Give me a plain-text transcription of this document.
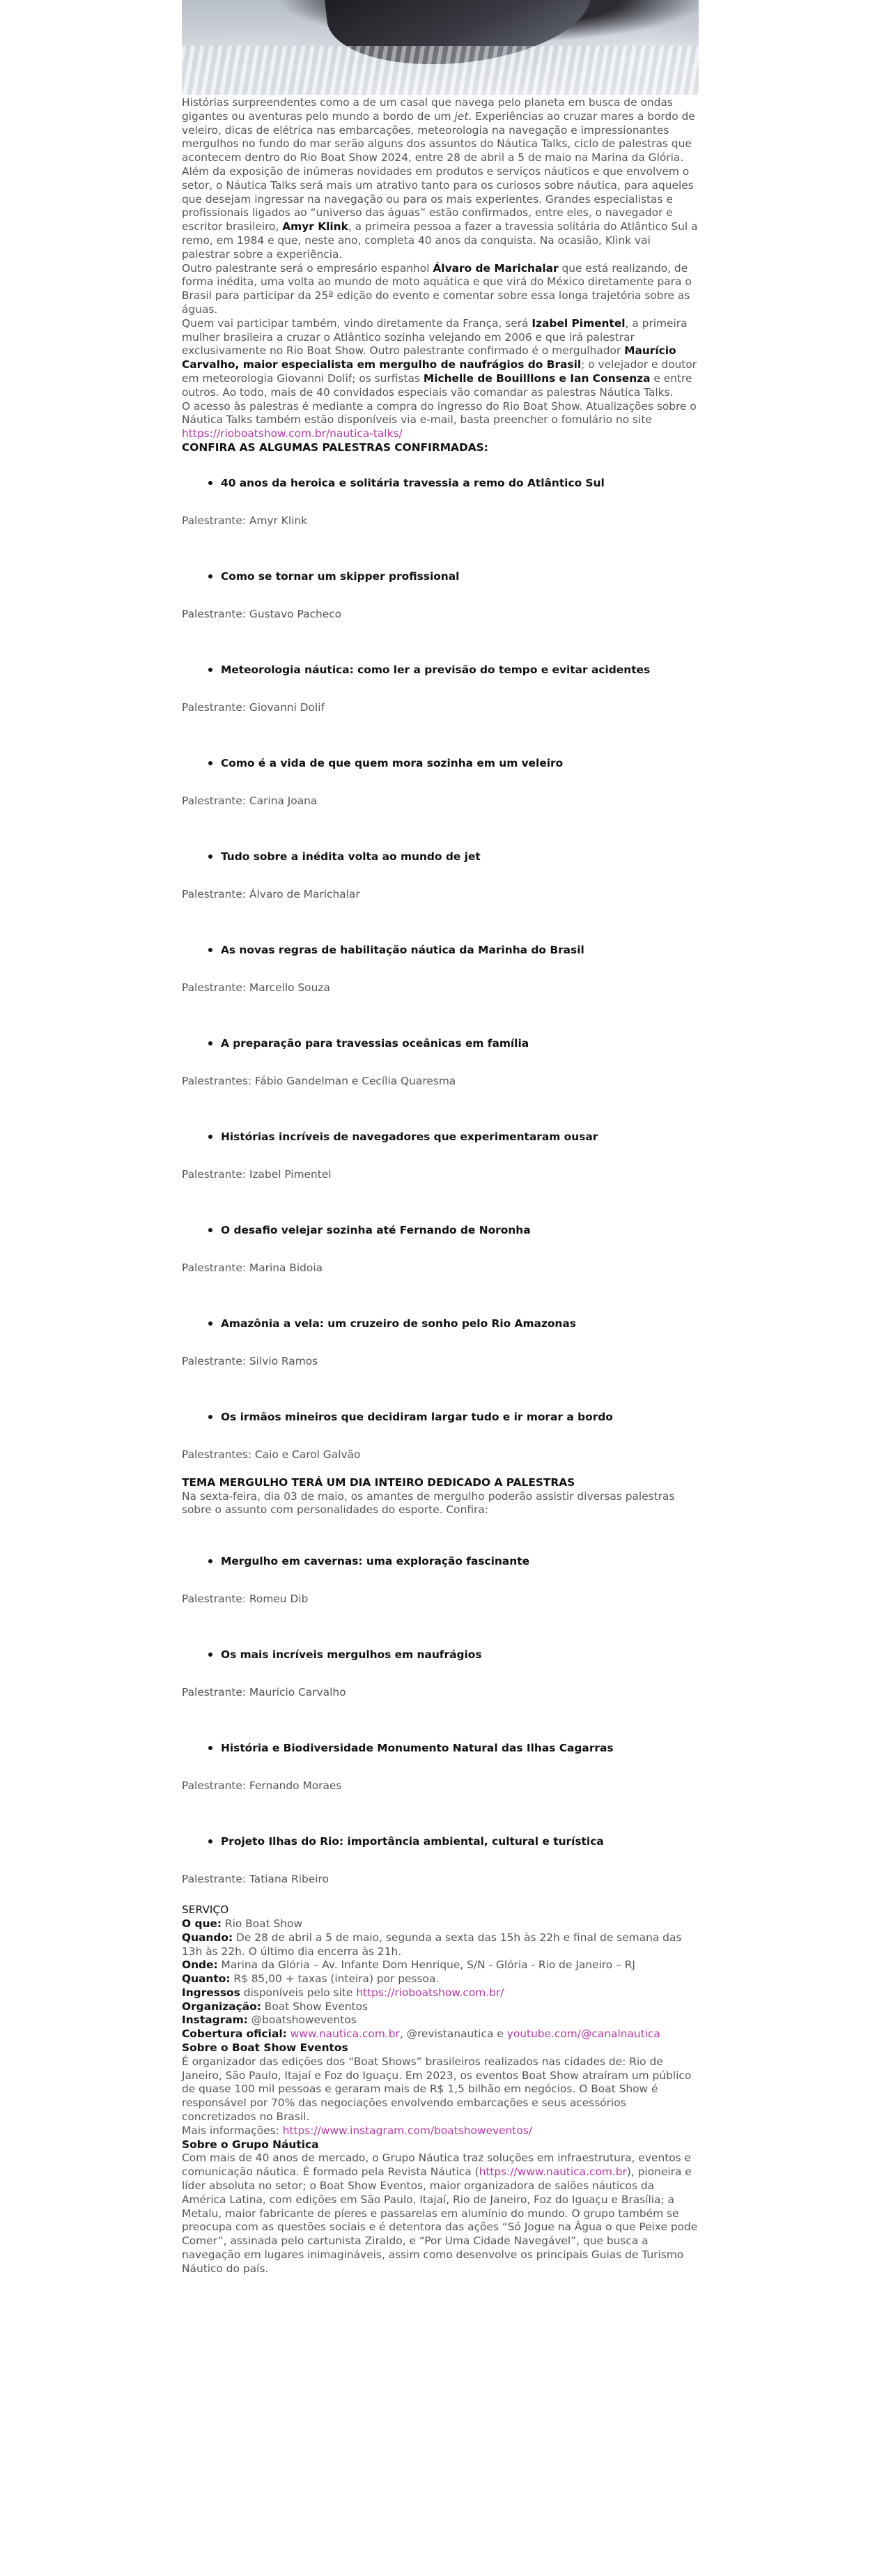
Histórias surpreendentes como a de um casal que navega pelo planeta em busca de ondas gigantes ou aventuras pelo mundo a bordo de um jet. Experiências ao cruzar mares a bordo de veleiro, dicas de elétrica nas embarcações, meteorologia na navegação e impressionantes mergulhos no fundo do mar serão alguns dos assuntos do Náutica Talks, ciclo de palestras que acontecem dentro do Rio Boat Show 2024, entre 28 de abril a 5 de maio na Marina da Glória.

Além da exposição de inúmeras novidades em produtos e serviços náuticos e que envolvem o setor, o Náutica Talks será mais um atrativo tanto para os curiosos sobre náutica, para aqueles que desejam ingressar na navegação ou para os mais experientes. Grandes especialistas e profissionais ligados ao “universo das águas” estão confirmados, entre eles, o navegador e escritor brasileiro, Amyr Klink, a primeira pessoa a fazer a travessia solitária do Atlântico Sul a remo, em 1984 e que, neste ano, completa 40 anos da conquista. Na ocasião, Klink vai palestrar sobre a experiência.

Outro palestrante será o empresário espanhol Álvaro de Marichalar que está realizando, de forma inédita, uma volta ao mundo de moto aquática e que virá do México diretamente para o Brasil para participar da 25ª edição do evento e comentar sobre essa longa trajetória sobre as águas.

Quem vai participar também, vindo diretamente da França, será Izabel Pimentel, a primeira mulher brasileira a cruzar o Atlântico sozinha velejando em 2006 e que irá palestrar exclusivamente no Rio Boat Show. Outro palestrante confirmado é o mergulhador Maurício Carvalho, maior especialista em mergulho de naufrágios do Brasil; o velejador e doutor em meteorologia Giovanni Dolif; os surfistas Michelle de Bouilllons e Ian Consenza e entre outros. Ao todo, mais de 40 convidados especiais vão comandar as palestras Náutica Talks.

O acesso às palestras é mediante a compra do ingresso do Rio Boat Show. Atualizações sobre o Náutica Talks também estão disponíveis via e-mail, basta preencher o fomulário no site

https://rioboatshow.com.br/nautica-talks/

CONFIRA AS ALGUMAS PALESTRAS CONFIRMADAS:

40 anos da heroica e solitária travessia a remo do Atlântico Sul

Palestrante: Amyr Klink

Como se tornar um skipper profissional

Palestrante: Gustavo Pacheco

Meteorologia náutica: como ler a previsão do tempo e evitar acidentes

Palestrante: Giovanni Dolif

Como é a vida de que quem mora sozinha em um veleiro

Palestrante: Carina Joana

Tudo sobre a inédita volta ao mundo de jet

Palestrante: Álvaro de Marichalar

As novas regras de habilitação náutica da Marinha do Brasil

Palestrante: Marcello Souza

A preparação para travessias oceânicas em família

Palestrantes: Fábio Gandelman e Cecília Quaresma

Histórias incríveis de navegadores que experimentaram ousar

Palestrante: Izabel Pimentel

O desafio velejar sozinha até Fernando de Noronha

Palestrante: Marina Bidoia

Amazônia a vela: um cruzeiro de sonho pelo Rio Amazonas

Palestrante: Silvio Ramos

Os irmãos mineiros que decidiram largar tudo e ir morar a bordo

Palestrantes: Caio e Carol Galvão

TEMA MERGULHO TERÁ UM DIA INTEIRO DEDICADO A PALESTRAS

Na sexta-feira, dia 03 de maio, os amantes de mergulho poderão assistir diversas palestras sobre o assunto com personalidades do esporte. Confira:

Mergulho em cavernas: uma exploração fascinante

Palestrante: Romeu Dib

Os mais incríveis mergulhos em naufrágios

Palestrante: Mauricio Carvalho

História e Biodiversidade Monumento Natural das Ilhas Cagarras

Palestrante: Fernando Moraes

Projeto Ilhas do Rio: importância ambiental, cultural e turística

Palestrante: Tatiana Ribeiro

SERVIÇO

O que: Rio Boat Show

Quando: De 28 de abril a 5 de maio, segunda a sexta das 15h às 22h e final de semana das 13h às 22h. O último dia encerra às 21h.

Onde: Marina da Glória – Av. Infante Dom Henrique, S/N - Glória - Rio de Janeiro – RJ

Quanto: R$ 85,00 + taxas (inteira) por pessoa.

Ingressos disponíveis pelo site https://rioboatshow.com.br/

Organização: Boat Show Eventos

Instagram: @boatshoweventos

Cobertura oficial: www.nautica.com.br, @revistanautica e youtube.com/@canalnautica

Sobre o Boat Show Eventos

É organizador das edições dos “Boat Shows” brasileiros realizados nas cidades de: Rio de Janeiro, São Paulo, Itajaí e Foz do Iguaçu. Em 2023, os eventos Boat Show atraíram um público de quase 100 mil pessoas e geraram mais de R$ 1,5 bilhão em negócios. O Boat Show é responsável por 70% das negociações envolvendo embarcações e seus acessórios concretizados no Brasil.

Mais informações: https://www.instagram.com/boatshoweventos/

Sobre o Grupo Náutica

Com mais de 40 anos de mercado, o Grupo Náutica traz soluções em infraestrutura, eventos e comunicação náutica. É formado pela Revista Náutica (https://www.nautica.com.br), pioneira e líder absoluta no setor; o Boat Show Eventos, maior organizadora de salões náuticos da América Latina, com edições em São Paulo, Itajaí, Rio de Janeiro, Foz do Iguaçu e Brasília; a Metalu, maior fabricante de píeres e passarelas em alumínio do mundo. O grupo também se preocupa com as questões sociais e é detentora das ações “Só Jogue na Água o que Peixe pode Comer”, assinada pelo cartunista Ziraldo, e “Por Uma Cidade Navegável”, que busca a navegação em lugares inimagináveis, assim como desenvolve os principais Guias de Turismo Náutico do país.
